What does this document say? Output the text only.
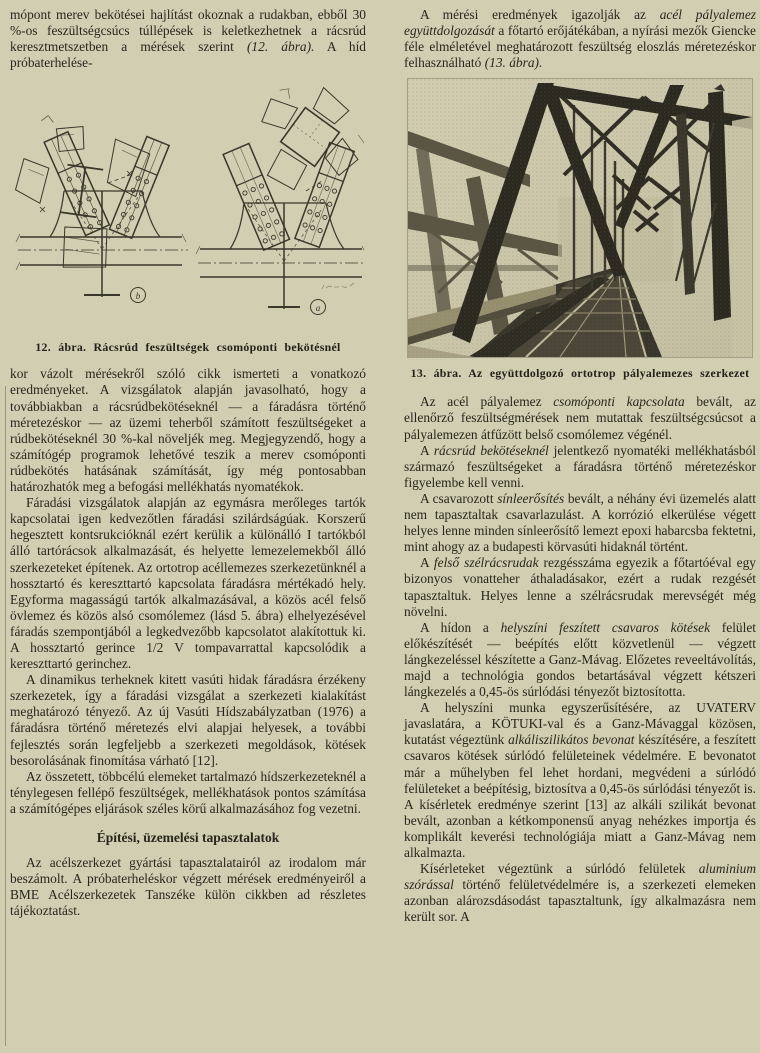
mópont merev bekötései hajlítást okoznak a rudakban, ebből 30 %-os feszültségcsúcs túllépések is keletkezhetnek a rácsrúd keresztmetszetben a mérések szerint (12. ábra). A híd próbaterhelése-

b
a
12. ábra. Rácsrúd feszültségek csomóponti bekötésnél

kor vázolt mérésekről szóló cikk ismerteti a vonatkozó eredményeket. A vizsgálatok alapján javasolható, hogy a továbbiakban a rácsrúdbekötéseknél — a fáradásra történő méretezéskor — az üzemi teherből számított feszültségeket a rúdbekötéseknél 30 %-kal növeljék meg. Megjegyzendő, hogy a számítógép programok lehetővé teszik a merev csomóponti rúdbekötés hatásának számítását, így még pontosabban határozhatók meg a befogási mellékhatás nyomatékok.

Fáradási vizsgálatok alapján az egymásra merőleges tartók kapcsolatai igen kedvezőtlen fáradási szilárdságúak. Korszerű hegesztett kontsrukcióknál ezért kerülik a különálló I tartókból álló tartórácsok alkalmazását, és helyette lemezelemekből álló szerkezeteket építenek. Az ortotrop acéllemezes szerkezetünknél a hossztartó és kereszttartó kapcsolata fáradásra mértékadó hely. Egyforma magasságú tartók alkalmazásával, a közös acél felső övlemez és közös alsó csomólemez (lásd 5. ábra) elhelyezésével fáradás szempontjából a legkedvezőbb kapcsolatot alakítottuk ki. A hossztartó gerince 1/2 V tompavarrattal kapcsolódik a kereszttartó gerinchez.

A dinamikus terheknek kitett vasúti hidak fáradásra érzékeny szerkezetek, így a fáradási vizsgálat a szerkezeti kialakítást meghatározó tényező. Az új Vasúti Hídszabályzatban (1976) a fáradásra történő méretezés elvi alapjai helyesek, a további fejlesztés során legfeljebb a szerkezeti megoldások, kötések besorolásának finomítása várható [12].

Az összetett, többcélú elemeket tartalmazó hídszerkezeteknél a ténylegesen fellépő feszültségek, mellékhatások pontos számítása a számítógépes eljárások széles körű alkalmazásához fog vezetni.

Építési, üzemelési tapasztalatok

Az acélszerkezet gyártási tapasztalatairól az irodalom már beszámolt. A próbaterheléskor végzett mérések eredményeiről a BME Acélszerkezetek Tanszéke külön cikkben ad részletes tájékoztatást.

A mérési eredmények igazolják az acél pályalemez együttdolgozását a főtartó erőjátékában, a nyírási mezők Giencke féle elméletével meghatározott feszültség eloszlás méretezéskor felhasználható (13. ábra).

13. ábra. Az együttdolgozó ortotrop pályalemezes szerkezet

Az acél pályalemez csomóponti kapcsolata bevált, az ellenőrző feszültségmérések nem mutattak feszültségcsúcsot a pályalemezen átfűzött belső csomólemez végénél.

A rácsrúd bekötéseknél jelentkező nyomatéki mellékhatásból származó feszültségeket a fáradásra történő méretezéskor figyelembe kell venni.

A csavarozott sínleerősítés bevált, a néhány évi üzemelés alatt nem tapasztaltak csavarlazulást. A korrózió elkerülése végett helyes lenne minden sínleerősítő lemezt epoxi habarcsba fektetni, mint ahogy az a budapesti körvasúti hidaknál történt.

A felső szélrácsrudak rezgésszáma egyezik a főtartóéval egy bizonyos vonatteher áthaladásakor, ezért a rudak rezgését tapasztaltuk. Helyes lenne a szélrácsrudak merevségét még növelni.

A hídon a helyszíni feszített csavaros kötések felület előkészítését — beépítés előtt közvetlenül — végzett lángkezeléssel készítette a Ganz-Mávag. Előzetes reveeltávolítás, majd a technológia gondos betartásával végzett kétszeri lángkezelés a 0,45-ös súrlódási tényezőt biztosította.

A helyszíni munka egyszerűsítésére, az UVATERV javaslatára, a KÖTUKI-val és a Ganz-Mávaggal közösen, kutatást végeztünk alkáliszilikátos bevonat készítésére, a feszített csavaros kötések súrlódó felületeinek védelmére. E bevonatot már a műhelyben fel lehet hordani, megvédeni a súrlódó felületeket a beépítésig, biztosítva a 0,45-ös súrlódási tényezőt is. A kísérletek eredménye szerint [13] az alkáli szilikát bevonat bevált, azonban a kétkomponensű anyag nehézkes importja és komplikált keverési technológiája miatt a Ganz-Mávag nem alkalmazta.

Kísérleteket végeztünk a súrlódó felületek aluminium szórással történő felületvédelmére is, a szerkezeti elemeken azonban alározsdásodást tapasztaltunk, így alkalmazásra nem került sor. A
